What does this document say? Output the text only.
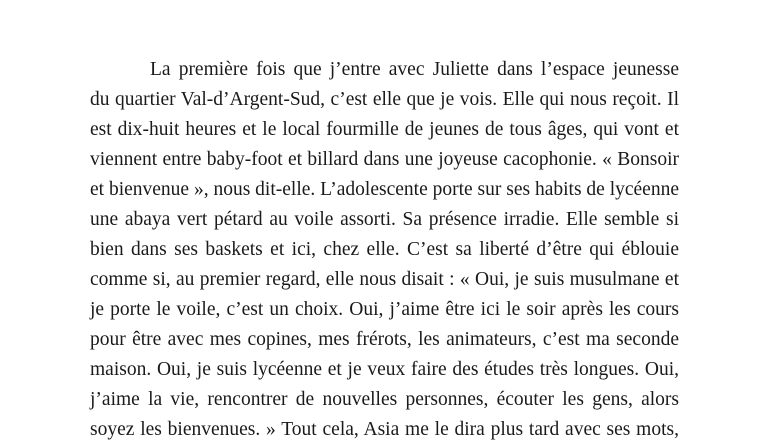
La première fois que j’entre avec Juliette dans l’espace jeunesse
du quartier Val-d’Argent-Sud, c’est elle que je vois. Elle qui nous reçoit. Il
est dix-huit heures et le local fourmille de jeunes de tous âges, qui vont et
viennent entre baby-foot et billard dans une joyeuse cacophonie. « Bonsoir
et bienvenue », nous dit-elle. L’adolescente porte sur ses habits de lycéenne
une abaya vert pétard au voile assorti. Sa présence irradie. Elle semble si
bien dans ses baskets et ici, chez elle. C’est sa liberté d’être qui éblouie
comme si, au premier regard, elle nous disait : « Oui, je suis musulmane et
je porte le voile, c’est un choix. Oui, j’aime être ici le soir après les cours
pour être avec mes copines, mes frérots, les animateurs, c’est ma seconde
maison. Oui, je suis lycéenne et je veux faire des études très longues. Oui,
j’aime la vie, rencontrer de nouvelles personnes, écouter les gens, alors
soyez les bienvenues. » Tout cela, Asia me le dira plus tard avec ses mots,
